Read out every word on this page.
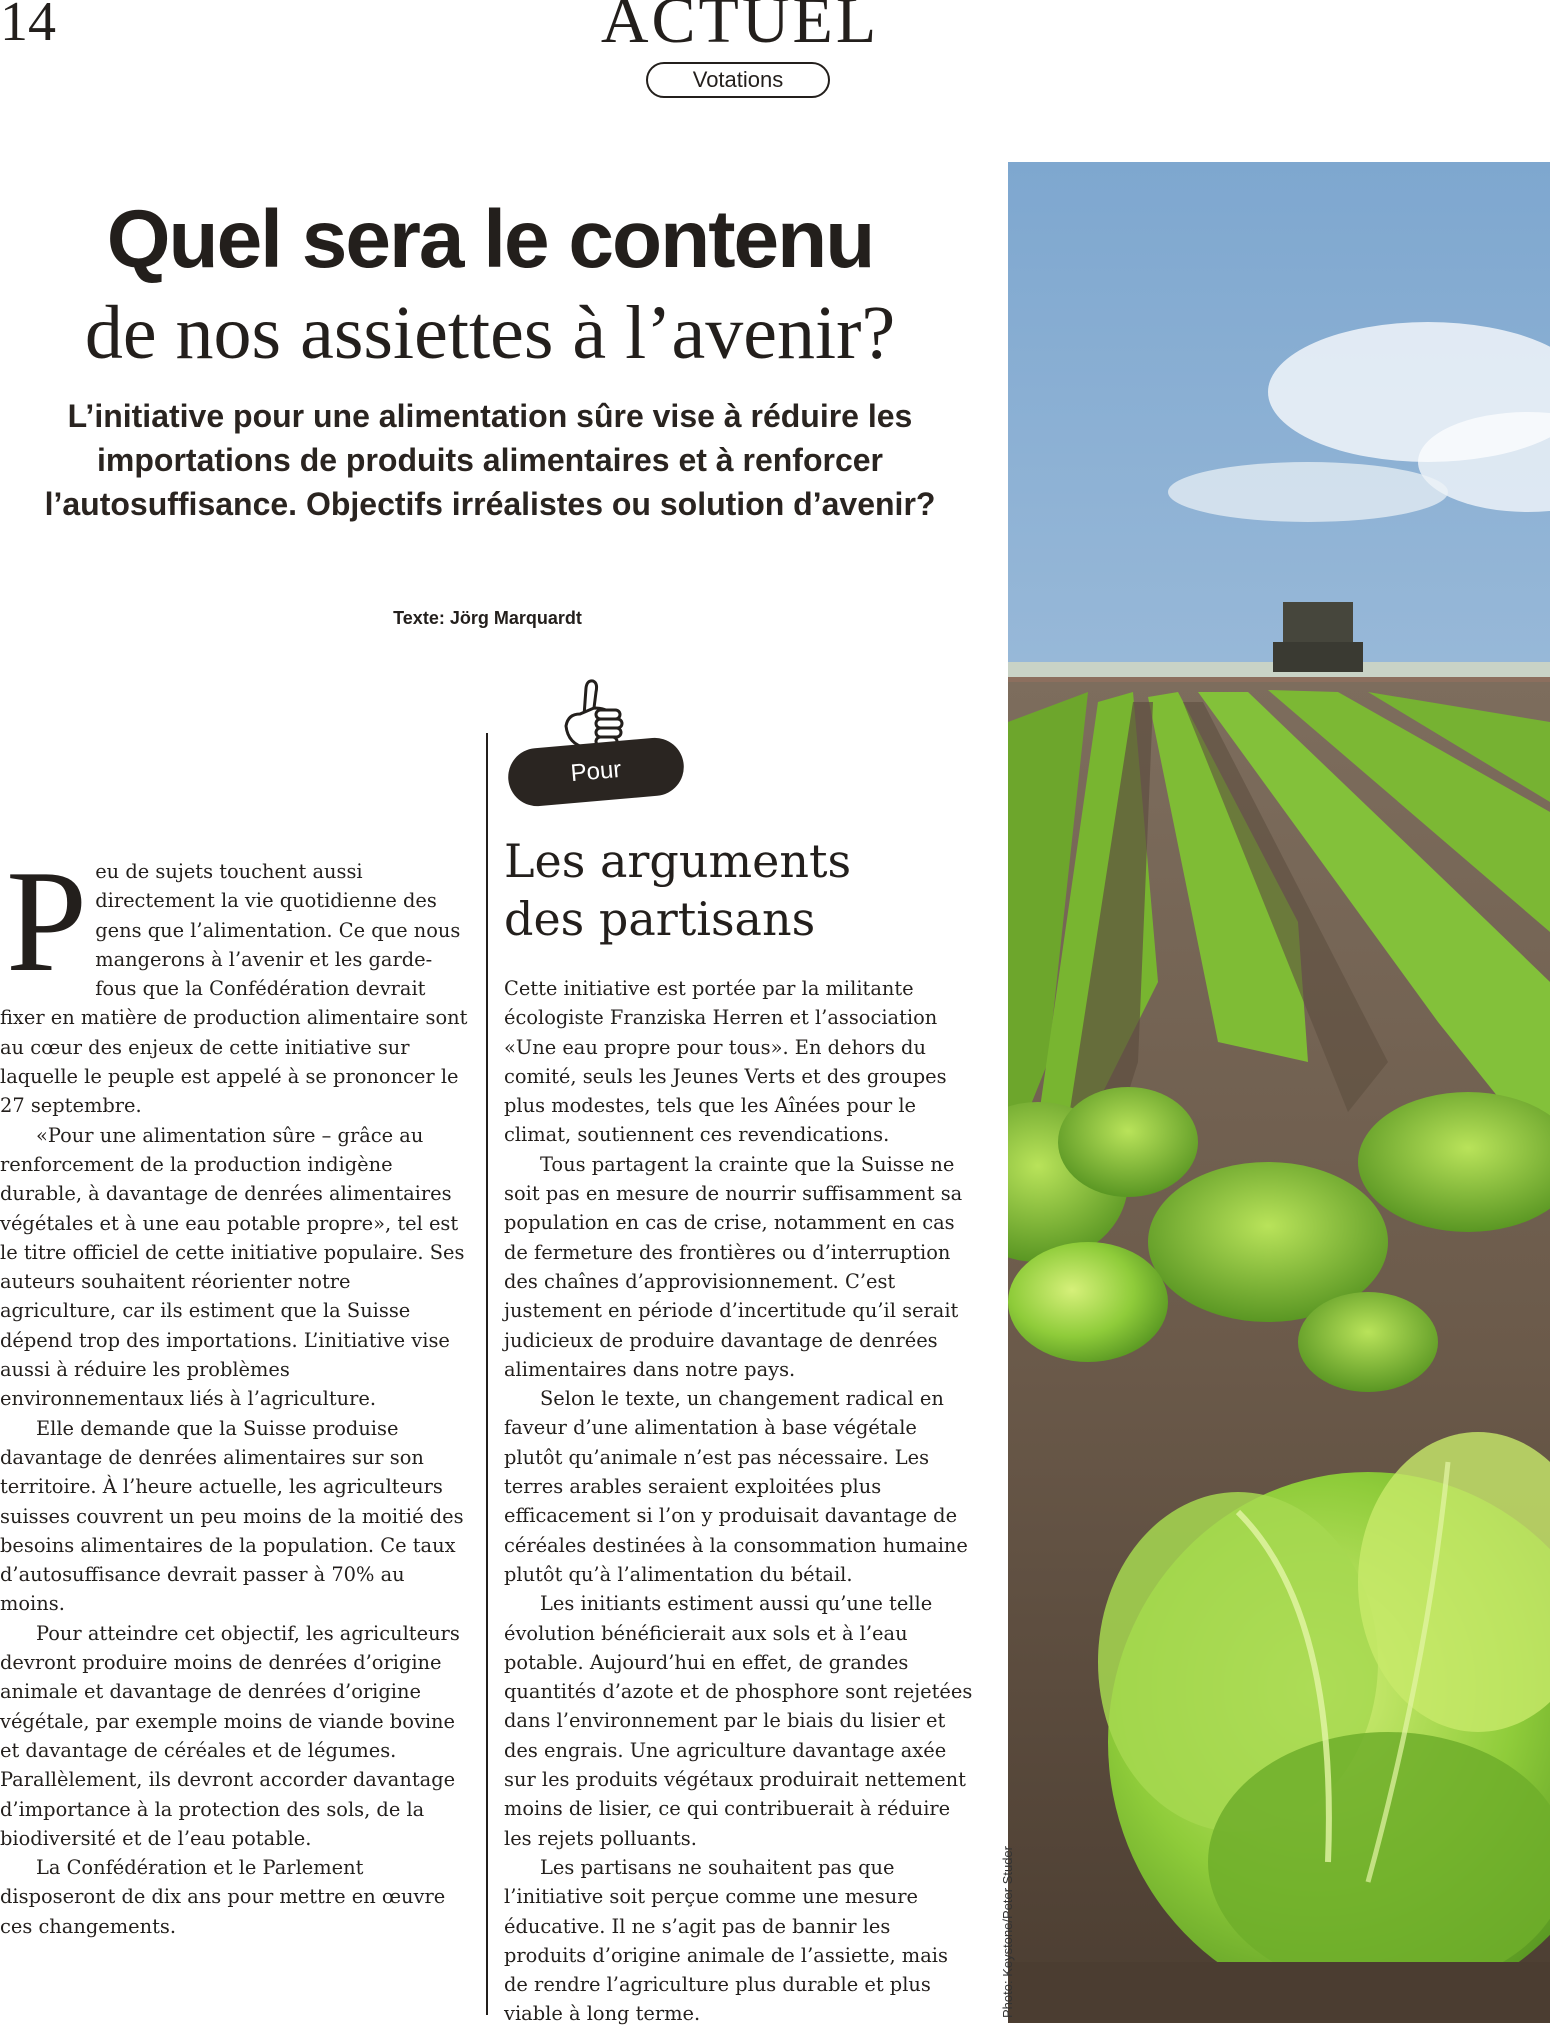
14	ACTUEL
Votations
Quel sera le contenu
de nos assiettes à l’avenir?
L’initiative pour une alimentation sûre vise à réduire les importations de produits alimentaires et à renforcer l’autosuffisance. Objectifs irréalistes ou solution d’avenir?
Texte: Jörg Marquardt
P eu de sujets touchent aussi directement la vie quotidienne des gens que l’alimentation. Ce que nous mangerons à l’avenir et les garde-fous que la Confédération devrait fixer en matière de production alimentaire sont au cœur des enjeux de cette initiative sur laquelle le peuple est appelé à se prononcer le 27 septembre.

«Pour une alimentation sûre – grâce au renforcement de la production indigène durable, à davantage de denrées alimentaires végétales et à une eau potable propre», tel est le titre officiel de cette initiative populaire. Ses auteurs souhaitent réorienter notre agriculture, car ils estiment que la Suisse dépend trop des importations. L’initiative vise aussi à réduire les problèmes environnementaux liés à l’agriculture.

Elle demande que la Suisse produise davantage de denrées alimentaires sur son territoire. À l’heure actuelle, les agriculteurs suisses couvrent un peu moins de la moitié des besoins alimentaires de la population. Ce taux d’autosuffisance devrait passer à 70% au moins.

Pour atteindre cet objectif, les agriculteurs devront produire moins de denrées d’origine animale et davantage de denrées d’origine végétale, par exemple moins de viande bovine et davantage de céréales et de légumes. Parallèlement, ils devront accorder davantage d’importance à la protection des sols, de la biodiversité et de l’eau potable.

La Confédération et le Parlement disposeront de dix ans pour mettre en œuvre ces changements.

Pour
Les arguments
des partisans

Cette initiative est portée par la militante écologiste Franziska Herren et l’association «Une eau propre pour tous». En dehors du comité, seuls les Jeunes Verts et des groupes plus modestes, tels que les Aînées pour le climat, soutiennent ces revendications.

Tous partagent la crainte que la Suisse ne soit pas en mesure de nourrir suffisamment sa population en cas de crise, notamment en cas de fermeture des frontières ou d’interruption des chaînes d’approvisionnement. C’est justement en période d’incertitude qu’il serait judicieux de produire davantage de denrées alimentaires dans notre pays.

Selon le texte, un changement radical en faveur d’une alimentation à base végétale plutôt qu’animale n’est pas nécessaire. Les terres arables seraient exploitées plus efficacement si l’on y produisait davantage de céréales destinées à la consommation humaine plutôt qu’à l’alimentation du bétail.

Les initiants estiment aussi qu’une telle évolution bénéficierait aux sols et à l’eau potable. Aujourd’hui en effet, de grandes quantités d’azote et de phosphore sont rejetées dans l’environnement par le biais du lisier et des engrais. Une agriculture davantage axée sur les produits végétaux produirait nettement moins de lisier, ce qui contribuerait à réduire les rejets polluants.

Les partisans ne souhaitent pas que l’initiative soit perçue comme une mesure éducative. Il ne s’agit pas de bannir les produits d’origine animale de l’assiette, mais de rendre l’agriculture plus durable et plus viable à long terme.	Photo: Keystone/Peter Studer
